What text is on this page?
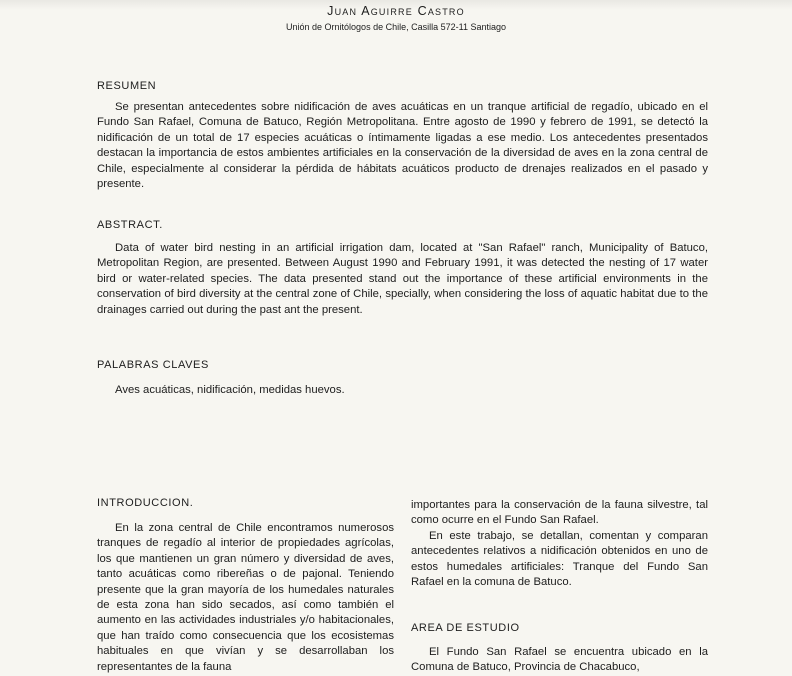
Juan Aguirre Castro
Unión de Ornitólogos de Chile, Casilla 572-11 Santiago
RESUMEN

Se presentan antecedentes sobre nidificación de aves acuáticas en un tranque artificial de regadío, ubicado en el Fundo San Rafael, Comuna de Batuco, Región Metropolitana. Entre agosto de 1990 y febrero de 1991, se detectó la nidificación de un total de 17 especies acuáticas o íntimamente ligadas a ese medio. Los antecedentes presentados destacan la importancia de estos ambientes artificiales en la conservación de la diversidad de aves en la zona central de Chile, especialmente al considerar la pérdida de hábitats acuáticos producto de drenajes realizados en el pasado y presente.

ABSTRACT.

Data of water bird nesting in an artificial irrigation dam, located at "San Rafael" ranch, Municipality of Batuco, Metropolitan Region, are presented. Between August 1990 and February 1991, it was detected the nesting of 17 water bird or water-related species. The data presented stand out the importance of these artificial environments in the conservation of bird diversity at the central zone of Chile, specially, when considering the loss of aquatic habitat due to the drainages carried out during the past ant the present.

PALABRAS CLAVES

Aves acuáticas, nidificación, medidas huevos.

INTRODUCCION.

En la zona central de Chile encontramos numerosos tranques de regadío al interior de propiedades agrícolas, los que mantienen un gran número y diversidad de aves, tanto acuáticas como ribereñas o de pajonal. Teniendo presente que la gran mayoría de los humedales naturales de esta zona han sido secados, así como también el aumento en las actividades industriales y/o habitacionales, que han traído como consecuencia que los ecosistemas habituales en que vivían y se desarrollaban los representantes de la fauna

importantes para la conservación de la fauna silvestre, tal como ocurre en el Fundo San Rafael.

En este trabajo, se detallan, comentan y comparan antecedentes relativos a nidificación obtenidos en uno de estos humedales artificiales: Tranque del Fundo San Rafael en la comuna de Batuco.

AREA DE ESTUDIO

El Fundo San Rafael se encuentra ubicado en la Comuna de Batuco, Provincia de Chacabuco,
